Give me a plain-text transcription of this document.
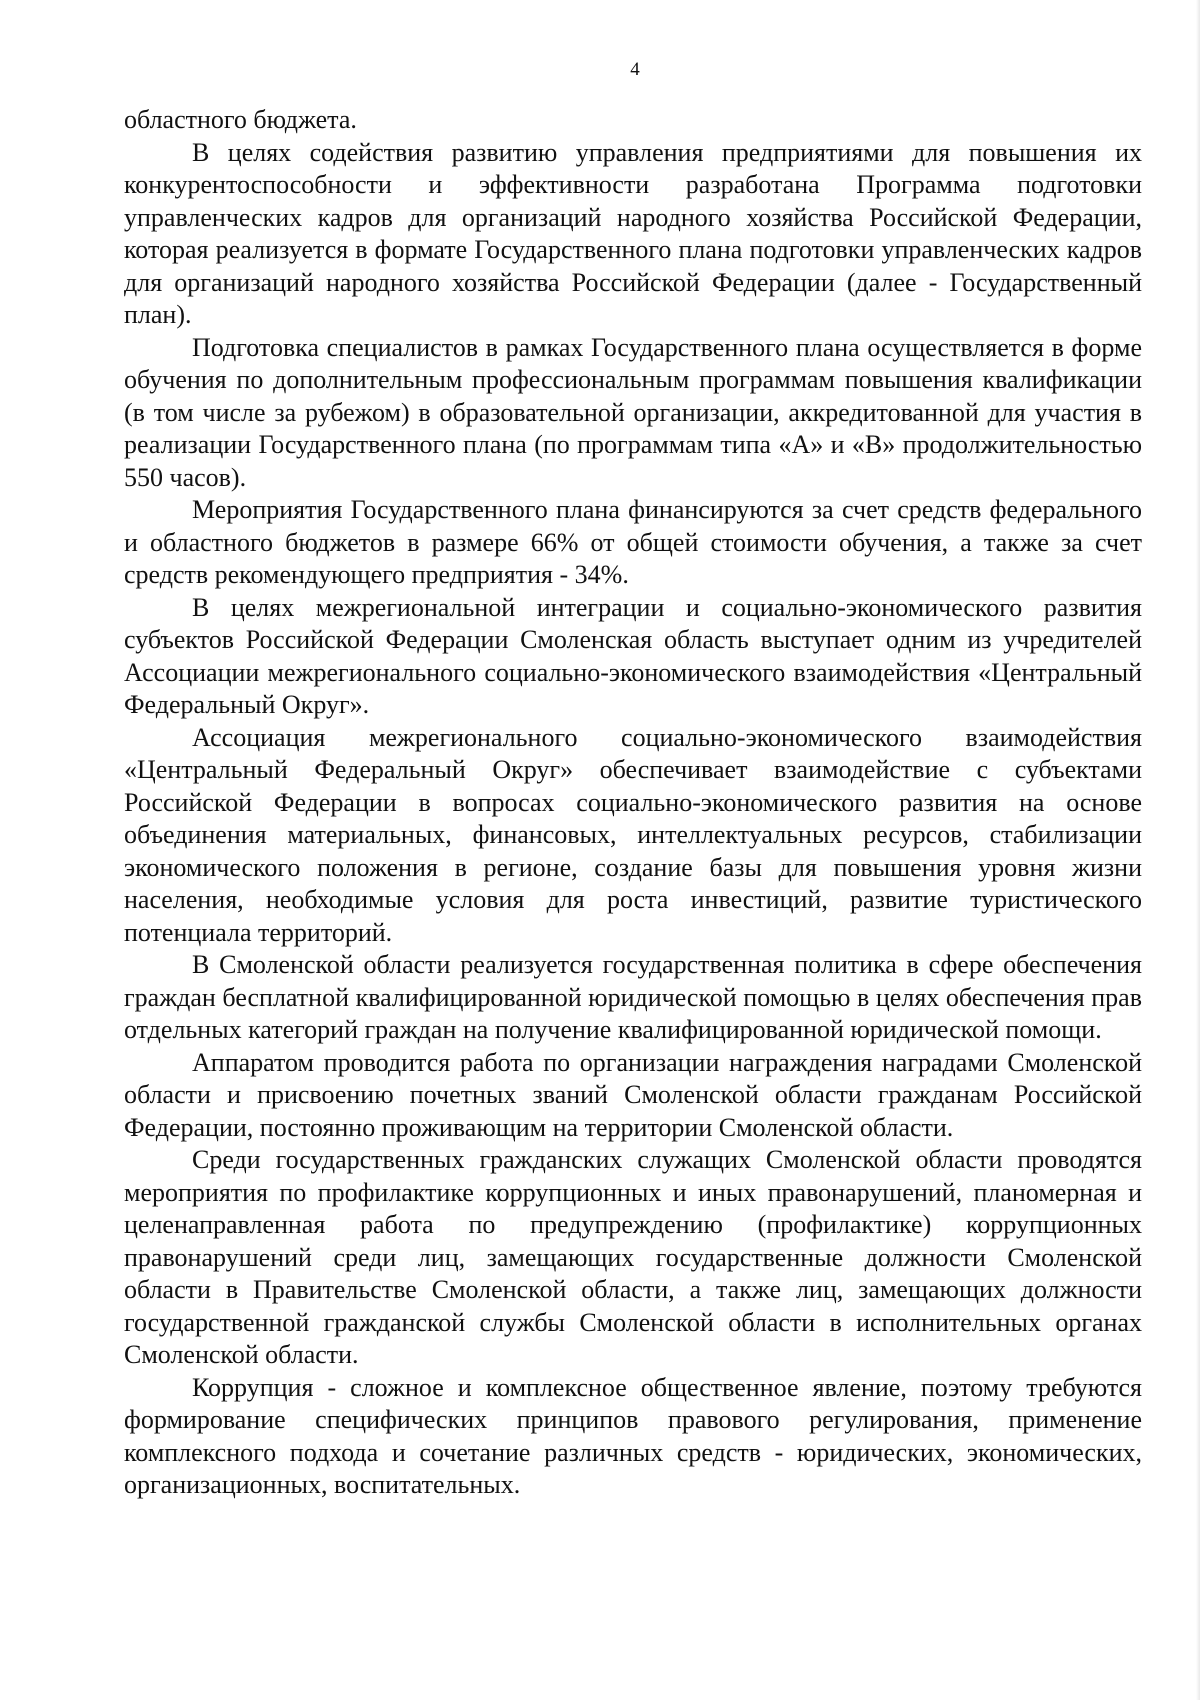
4

областного бюджета.

В целях содействия развитию управления предприятиями для повышения их конкурентоспособности и эффективности разработана Программа подготовки управленческих кадров для организаций народного хозяйства Российской Федерации, которая реализуется в формате Государственного плана подготовки управленческих кадров для организаций народного хозяйства Российской Федерации (далее - Государственный план).

Подготовка специалистов в рамках Государственного плана осуществляется в форме обучения по дополнительным профессиональным программам повышения квалификации (в том числе за рубежом) в образовательной организации, аккредитованной для участия в реализации Государственного плана (по программам типа «А» и «В» продолжительностью 550 часов).

Мероприятия Государственного плана финансируются за счет средств федерального и областного бюджетов в размере 66% от общей стоимости обучения, а также за счет средств рекомендующего предприятия - 34%.

В целях межрегиональной интеграции и социально-экономического развития субъектов Российской Федерации Смоленская область выступает одним из учредителей Ассоциации межрегионального социально-экономического взаимодействия «Центральный Федеральный Округ».

Ассоциация межрегионального социально-экономического взаимодействия «Центральный Федеральный Округ» обеспечивает взаимодействие с субъектами Российской Федерации в вопросах социально-экономического развития на основе объединения материальных, финансовых, интеллектуальных ресурсов, стабилизации экономического положения в регионе, создание базы для повышения уровня жизни населения, необходимые условия для роста инвестиций, развитие туристического потенциала территорий.

В Смоленской области реализуется государственная политика в сфере обеспечения граждан бесплатной квалифицированной юридической помощью в целях обеспечения прав отдельных категорий граждан на получение квалифицированной юридической помощи.

Аппаратом проводится работа по организации награждения наградами Смоленской области и присвоению почетных званий Смоленской области гражданам Российской Федерации, постоянно проживающим на территории Смоленской области.

Среди государственных гражданских служащих Смоленской области проводятся мероприятия по профилактике коррупционных и иных правонарушений, планомерная и целенаправленная работа по предупреждению (профилактике) коррупционных правонарушений среди лиц, замещающих государственные должности Смоленской области в Правительстве Смоленской области, а также лиц, замещающих должности государственной гражданской службы Смоленской области в исполнительных органах Смоленской области.

Коррупция - сложное и комплексное общественное явление, поэтому требуются формирование специфических принципов правового регулирования, применение комплексного подхода и сочетание различных средств - юридических, экономических, организационных, воспитательных.
